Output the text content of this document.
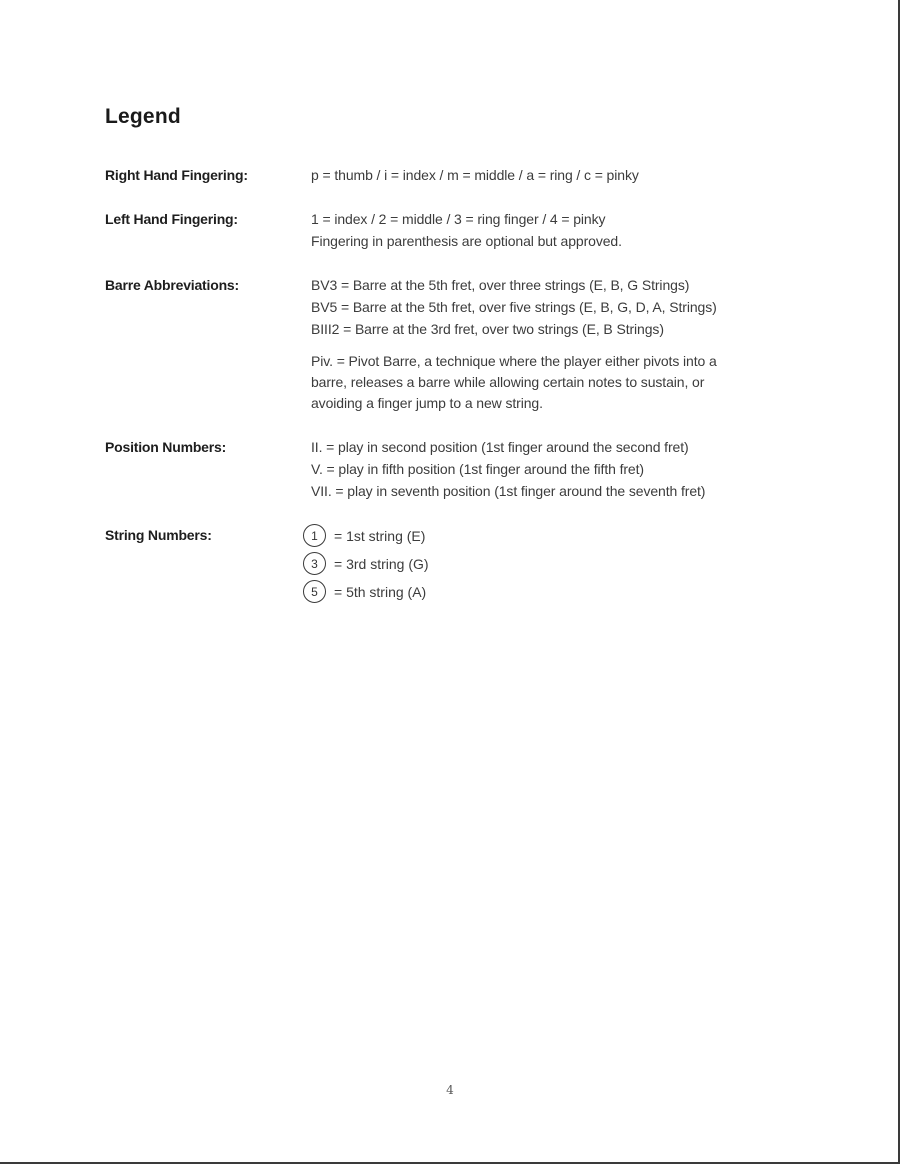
Legend
Right Hand Fingering:	p = thumb / i = index / m = middle / a = ring / c = pinky
Left Hand Fingering:	1 = index / 2 = middle / 3 = ring finger / 4 = pinky
Fingering in parenthesis are optional but approved.
Barre Abbreviations:	BV3 = Barre at the 5th fret, over three strings (E, B, G Strings)
BV5 = Barre at the 5th fret, over five strings (E, B, G, D, A, Strings)
BIII2 = Barre at the 3rd fret, over two strings (E, B Strings)
Piv. = Pivot Barre, a technique where the player either pivots into a
barre, releases a barre while allowing certain notes to sustain, or
avoiding a finger jump to a new string.
Position Numbers:	II. = play in second position (1st finger around the second fret)
V. = play in fifth position (1st finger around the fifth fret)
VII. = play in seventh position (1st finger around the seventh fret)
String Numbers:	1	= 1st string (E)
3	= 3rd string (G)
5	= 5th string (A)
4
